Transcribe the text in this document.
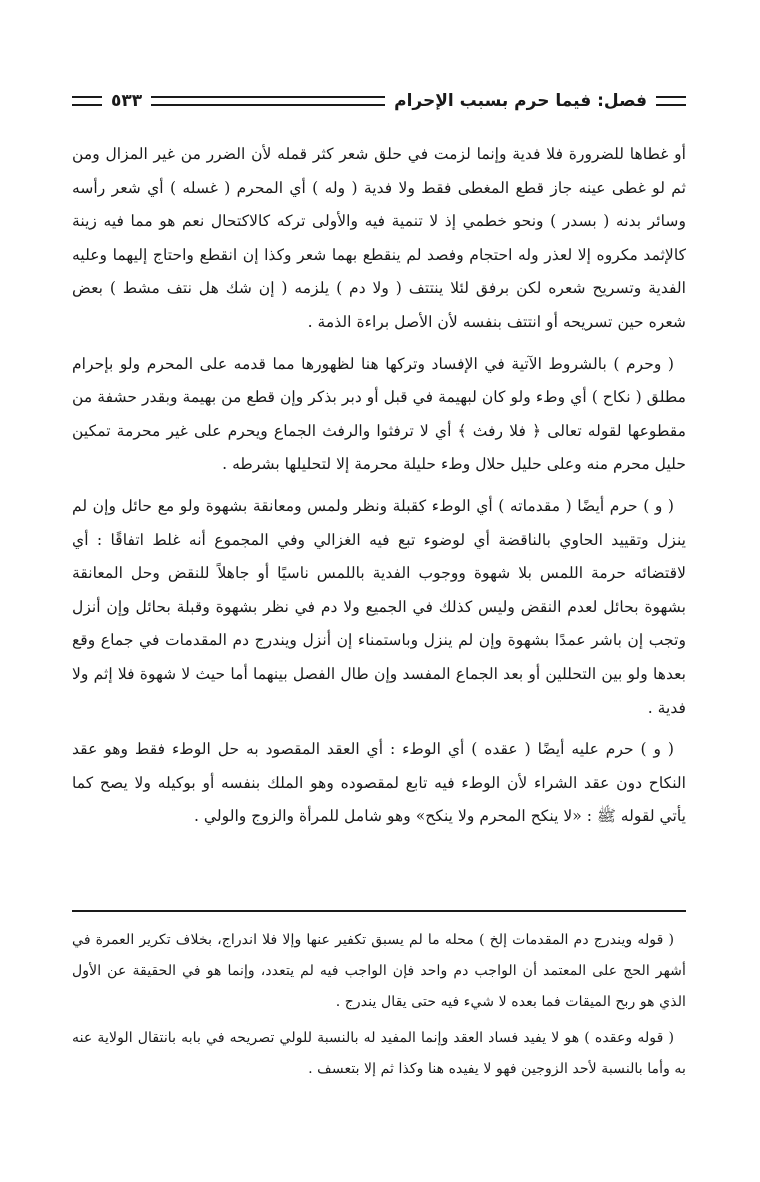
فصل: فيما حرم بسبب الإحرام
٥٣٣

أو غطاها للضرورة فلا فدية وإنما لزمت في حلق شعر كثر قمله لأن الضرر من غير المزال ومن ثم لو غطى عينه جاز قطع المغطى فقط ولا فدية ( وله ) أي المحرم ( غسله ) أي شعر رأسه وسائر بدنه ( بسدر ) ونحو خطمي إذ لا تنمية فيه والأولى تركه كالاكتحال نعم هو مما فيه زينة كالإثمد مكروه إلا لعذر وله احتجام وفصد لم ينقطع بهما شعر وكذا إن انقطع واحتاج إليهما وعليه الفدية وتسريح شعره لكن برفق لئلا ينتتف ( ولا دم ) يلزمه ( إن شك هل نتف مشط ) بعض شعره حين تسريحه أو انتتف بنفسه لأن الأصل براءة الذمة .

( وحرم ) بالشروط الآتية في الإفساد وتركها هنا لظهورها مما قدمه على المحرم ولو بإحرام مطلق ( نكاح ) أي وطء ولو كان لبهيمة في قبل أو دبر بذكر وإن قطع من بهيمة وبقدر حشفة من مقطوعها لقوله تعالى ﴿ فلا رفث ﴾ أي لا ترفثوا والرفث الجماع ويحرم على غير محرمة تمكين حليل محرم منه وعلى حليل حلال وطء حليلة محرمة إلا لتحليلها بشرطه .

( و ) حرم أيضًا ( مقدماته ) أي الوطء كقبلة ونظر ولمس ومعانقة بشهوة ولو مع حائل وإن لم ينزل وتقييد الحاوي بالناقضة أي لوضوء تبع فيه الغزالي وفي المجموع أنه غلط اتفاقًا : أي لاقتضائه حرمة اللمس بلا شهوة ووجوب الفدية باللمس ناسيًا أو جاهلاً للنقض وحل المعانقة بشهوة بحائل لعدم النقض وليس كذلك في الجميع ولا دم في نظر بشهوة وقبلة بحائل وإن أنزل وتجب إن باشر عمدًا بشهوة وإن لم ينزل وباستمناء إن أنزل ويندرج دم المقدمات في جماع وقع بعدها ولو بين التحللين أو بعد الجماع المفسد وإن طال الفصل بينهما أما حيث لا شهوة فلا إثم ولا فدية .

( و ) حرم عليه أيضًا ( عقده ) أي الوطء : أي العقد المقصود به حل الوطء فقط وهو عقد النكاح دون عقد الشراء لأن الوطء فيه تابع لمقصوده وهو الملك بنفسه أو بوكيله ولا يصح كما يأتي لقوله ﷺ : «لا ينكح المحرم ولا ينكح» وهو شامل للمرأة والزوج والولي .

( قوله ويندرج دم المقدمات إلخ ) محله ما لم يسبق تكفير عنها وإلا فلا اندراج، بخلاف تكرير العمرة في أشهر الحج على المعتمد أن الواجب دم واحد فإن الواجب فيه لم يتعدد، وإنما هو في الحقيقة عن الأول الذي هو ربح الميقات فما بعده لا شيء فيه حتى يقال يندرج .

( قوله وعقده ) هو لا يفيد فساد العقد وإنما المفيد له بالنسبة للولي تصريحه في بابه بانتقال الولاية عنه به وأما بالنسبة لأحد الزوجين فهو لا يفيده هنا وكذا ثم إلا بتعسف .
